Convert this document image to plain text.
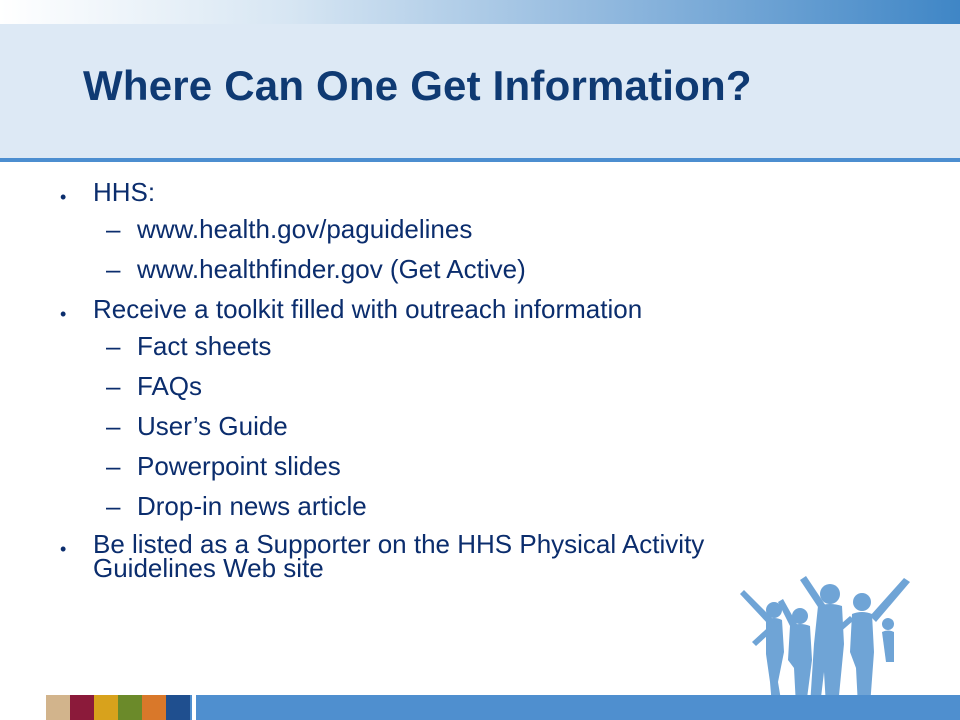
Where Can One Get Information?
• HHS:
– www.health.gov/paguidelines
– www.healthfinder.gov (Get Active)
• Receive a toolkit filled with outreach information
– Fact sheets
– FAQs
– User’s Guide
– Powerpoint slides
– Drop-in news article
• Be listed as a Supporter on the HHS Physical Activity
Guidelines Web site
